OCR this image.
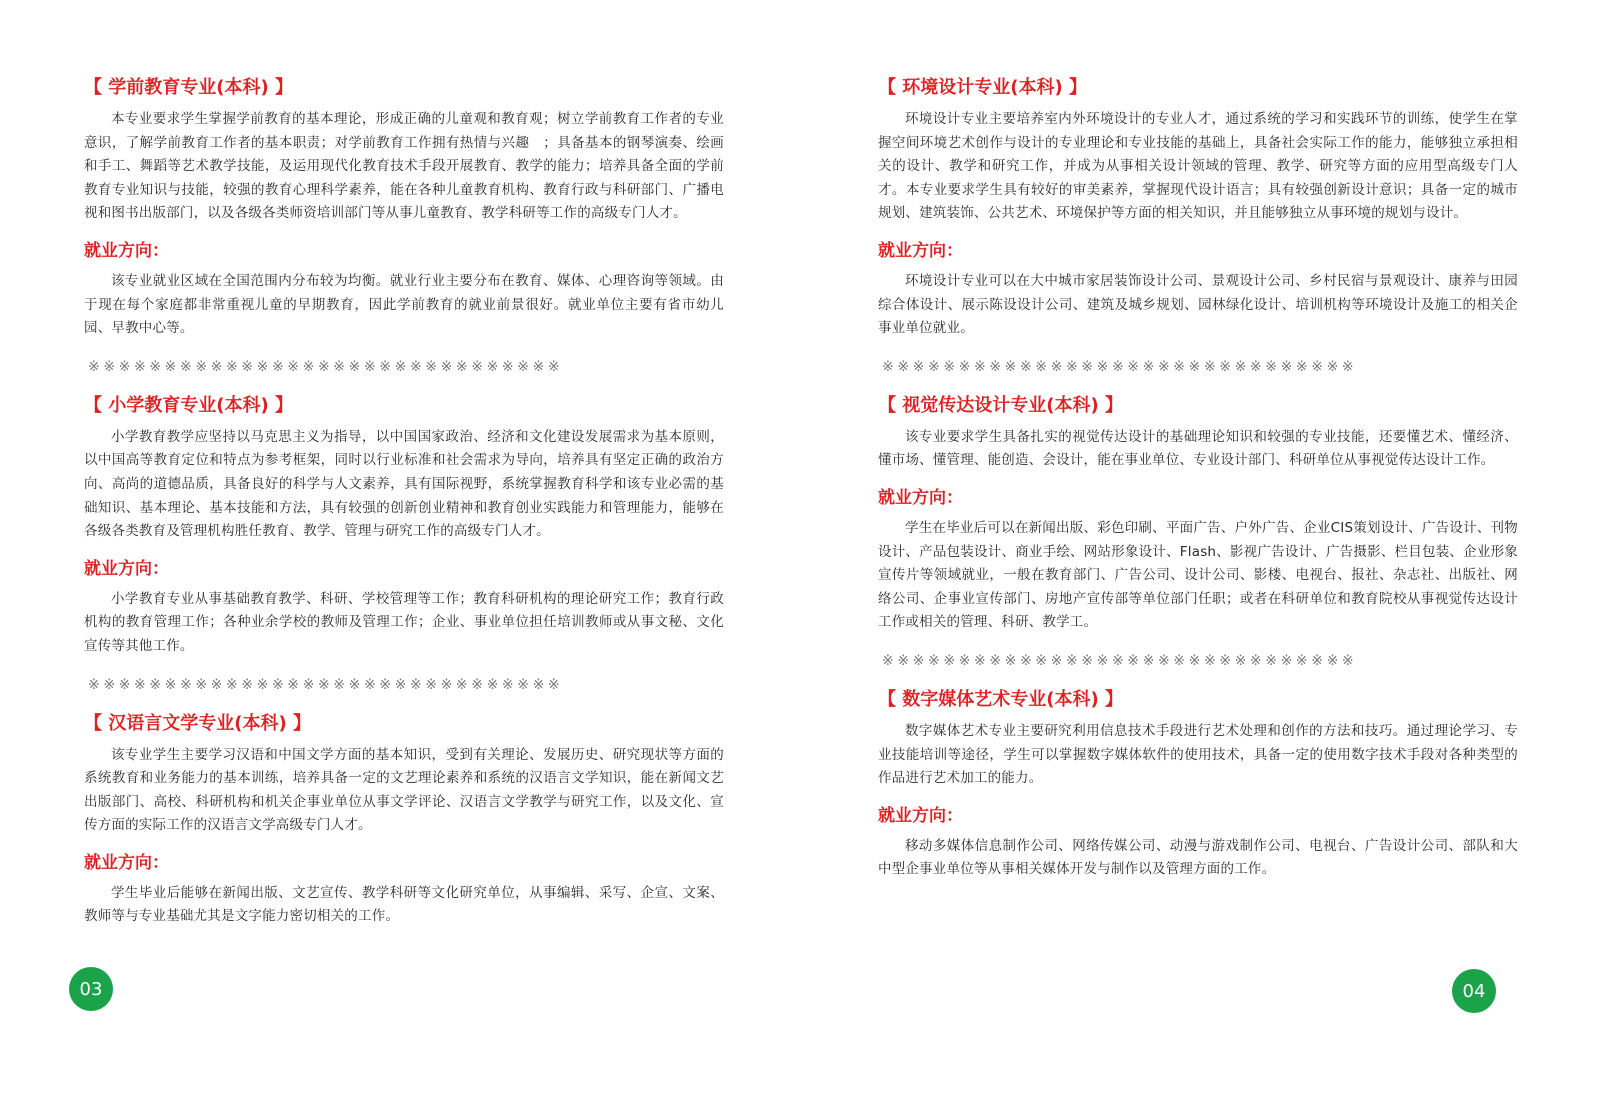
【 学前教育专业(本科) 】

本专业要求学生掌握学前教育的基本理论，形成正确的儿童观和教育观；树立学前教育工作者的专业意识，了解学前教育工作者的基本职责；对学前教育工作拥有热情与兴趣　；具备基本的钢琴演奏、绘画和手工、舞蹈等艺术教学技能，及运用现代化教育技术手段开展教育、教学的能力；培养具备全面的学前教育专业知识与技能，较强的教育心理科学素养，能在各种儿童教育机构、教育行政与科研部门、广播电视和图书出版部门，以及各级各类师资培训部门等从事儿童教育、教学科研等工作的高级专门人才。

就业方向：

该专业就业区域在全国范围内分布较为均衡。就业行业主要分布在教育、媒体、心理咨询等领域。由于现在每个家庭都非常重视儿童的早期教育，因此学前教育的就业前景很好。就业单位主要有省市幼儿园、早教中心等。

※※※※※※※※※※※※※※※※※※※※※※※※※※※※※※※
【 小学教育专业(本科) 】

小学教育教学应坚持以马克思主义为指导，以中国国家政治、经济和文化建设发展需求为基本原则，以中国高等教育定位和特点为参考框架，同时以行业标准和社会需求为导向，培养具有坚定正确的政治方向、高尚的道德品质，具备良好的科学与人文素养，具有国际视野，系统掌握教育科学和该专业必需的基础知识、基本理论、基本技能和方法，具有较强的创新创业精神和教育创业实践能力和管理能力，能够在各级各类教育及管理机构胜任教育、教学、管理与研究工作的高级专门人才。

就业方向：

小学教育专业从事基础教育教学、科研、学校管理等工作；教育科研机构的理论研究工作；教育行政机构的教育管理工作；各种业余学校的教师及管理工作；企业、事业单位担任培训教师或从事文秘、文化宣传等其他工作。

※※※※※※※※※※※※※※※※※※※※※※※※※※※※※※※
【 汉语言文学专业(本科) 】

该专业学生主要学习汉语和中国文学方面的基本知识，受到有关理论、发展历史、研究现状等方面的系统教育和业务能力的基本训练，培养具备一定的文艺理论素养和系统的汉语言文学知识，能在新闻文艺出版部门、高校、科研机构和机关企事业单位从事文学评论、汉语言文学教学与研究工作，以及文化、宣传方面的实际工作的汉语言文学高级专门人才。

就业方向：

学生毕业后能够在新闻出版、文艺宣传、教学科研等文化研究单位，从事编辑、采写、企宣、文案、教师等与专业基础尤其是文字能力密切相关的工作。

【 环境设计专业(本科) 】

环境设计专业主要培养室内外环境设计的专业人才，通过系统的学习和实践环节的训练，使学生在掌握空间环境艺术创作与设计的专业理论和专业技能的基础上，具备社会实际工作的能力，能够独立承担相关的设计、教学和研究工作，并成为从事相关设计领域的管理、教学、研究等方面的应用型高级专门人才。本专业要求学生具有较好的审美素养，掌握现代设计语言；具有较强创新设计意识；具备一定的城市规划、建筑装饰、公共艺术、环境保护等方面的相关知识，并且能够独立从事环境的规划与设计。

就业方向：

环境设计专业可以在大中城市家居装饰设计公司、景观设计公司、乡村民宿与景观设计、康养与田园综合体设计、展示陈设设计公司、建筑及城乡规划、园林绿化设计、培训机构等环境设计及施工的相关企事业单位就业。

※※※※※※※※※※※※※※※※※※※※※※※※※※※※※※※
【 视觉传达设计专业(本科) 】

该专业要求学生具备扎实的视觉传达设计的基础理论知识和较强的专业技能，还要懂艺术、懂经济、懂市场、懂管理、能创造、会设计，能在事业单位、专业设计部门、科研单位从事视觉传达设计工作。

就业方向：

学生在毕业后可以在新闻出版、彩色印刷、平面广告、户外广告、企业CIS策划设计、广告设计、刊物设计、产品包装设计、商业手绘、网站形象设计、Flash、影视广告设计、广告摄影、栏目包装、企业形象宣传片等领域就业，一般在教育部门、广告公司、设计公司、影楼、电视台、报社、杂志社、出版社、网络公司、企事业宣传部门、房地产宣传部等单位部门任职；或者在科研单位和教育院校从事视觉传达设计工作或相关的管理、科研、教学工。

※※※※※※※※※※※※※※※※※※※※※※※※※※※※※※※
【 数字媒体艺术专业(本科) 】

数字媒体艺术专业主要研究利用信息技术手段进行艺术处理和创作的方法和技巧。通过理论学习、专业技能培训等途径，学生可以掌握数字媒体软件的使用技术，具备一定的使用数字技术手段对各种类型的作品进行艺术加工的能力。

就业方向：

移动多媒体信息制作公司、网络传媒公司、动漫与游戏制作公司、电视台、广告设计公司、部队和大中型企事业单位等从事相关媒体开发与制作以及管理方面的工作。

03	04
